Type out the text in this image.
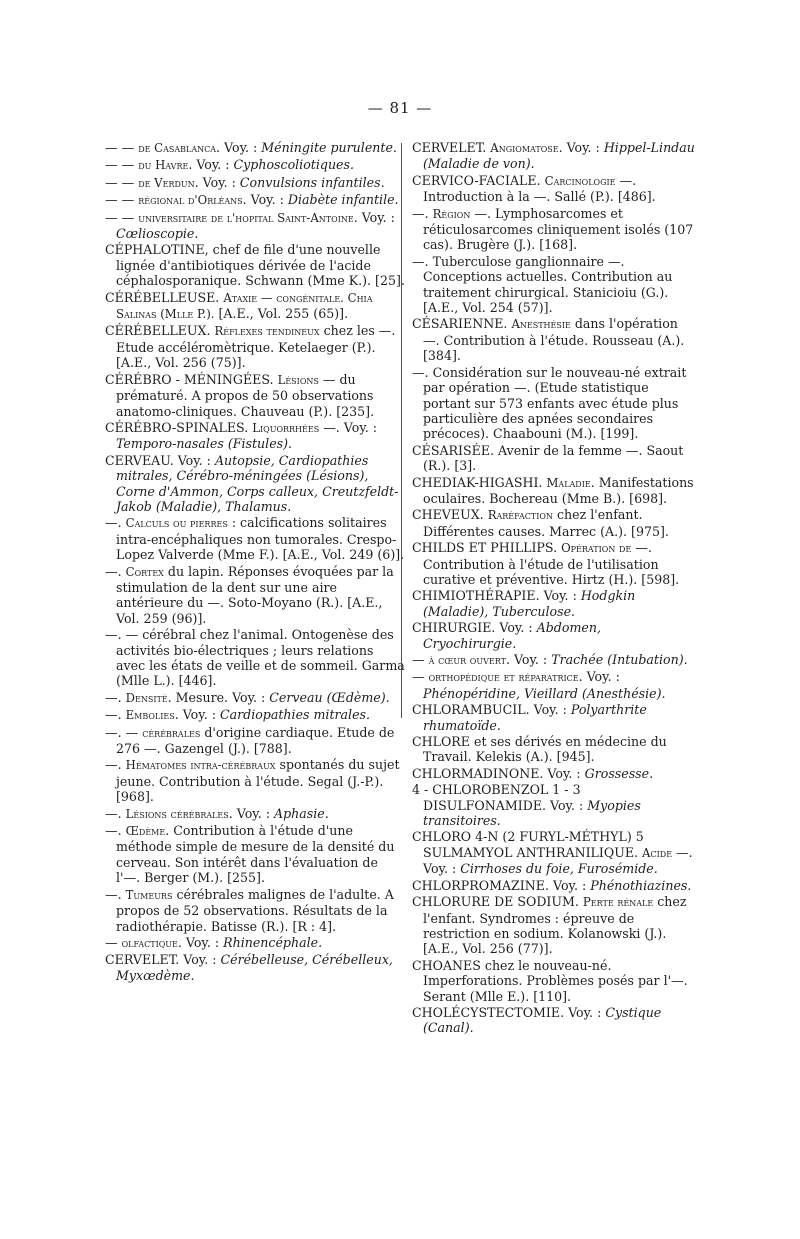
— 81 —
— — de Casablanca. Voy. : Méningite purulente.
— — du Havre. Voy. : Cyphoscoliotiques.
— — de Verdun. Voy. : Convulsions infantiles.
— — régional d'Orléans. Voy. : Diabète infantile.
— — universitaire de l'hopital Saint-Antoine. Voy. : Cœlioscopie.
CÉPHALOTINE, chef de file d'une nouvelle lignée d'antibiotiques dérivée de l'acide céphalosporanique. Schwann (Mme K.). [25].
CÉRÉBELLEUSE. Ataxie — congénitale. Chia Salinas (Mlle P.). [A.E., Vol. 255 (65)].
CÉRÉBELLEUX. Réflexes tendineux chez les —. Etude accéléromètrique. Ketelaeger (P.). [A.E., Vol. 256 (75)].
CÉRÉBRO - MÉNINGÉES. Lésions — du prématuré. A propos de 50 observations anatomo-cliniques. Chauveau (P.). [235].
CÉRÉBRO-SPINALES. Liquorrhées —. Voy. : Temporo-nasales (Fistules).
CERVEAU. Voy. : Autopsie, Cardiopathies mitrales, Cérébro-méningées (Lésions), Corne d'Ammon, Corps calleux, Creutzfeldt-Jakob (Maladie), Thalamus.
—. Calculs ou pierres : calcifications solitaires intra-encéphaliques non tumorales. Crespo-Lopez Valverde (Mme F.). [A.E., Vol. 249 (6)].
—. Cortex du lapin. Réponses évoquées par la stimulation de la dent sur une aire antérieure du —. Soto-Moyano (R.). [A.E., Vol. 259 (96)].
—. — cérébral chez l'animal. Ontogenèse des activités bio-électriques ; leurs relations avec les états de veille et de sommeil. Garma (Mlle L.). [446].
—. Densité. Mesure. Voy. : Cerveau (Œdème).
—. Embolies. Voy. : Cardiopathies mitrales.
—. — cérébrales d'origine cardiaque. Etude de 276 —. Gazengel (J.). [788].
—. Hématomes intra-cérébraux spontanés du sujet jeune. Contribution à l'étude. Segal (J.-P.). [968].
—. Lésions cérébrales. Voy. : Aphasie.
—. Œdème. Contribution à l'étude d'une méthode simple de mesure de la densité du cerveau. Son intérêt dans l'évaluation de l'—. Berger (M.). [255].
—. Tumeurs cérébrales malignes de l'adulte. A propos de 52 observations. Résultats de la radiothérapie. Batisse (R.). [R : 4].
— olfactique. Voy. : Rhinencéphale.
CERVELET. Voy. : Cérébelleuse, Cérébelleux, Myxœdème.
CERVELET. Angiomatose. Voy. : Hippel-Lindau (Maladie de von).
CERVICO-FACIALE. Carcinologie —. Introduction à la —. Sallé (P.). [486].
—. Région —. Lymphosarcomes et réticulosarcomes cliniquement isolés (107 cas). Brugère (J.). [168].
—. Tuberculose ganglionnaire —. Conceptions actuelles. Contribution au traitement chirurgical. Stanicioiu (G.). [A.E., Vol. 254 (57)].
CÉSARIENNE. Anesthésie dans l'opération —. Contribution à l'étude. Rousseau (A.). [384].
—. Considération sur le nouveau-né extrait par opération —. (Etude statistique portant sur 573 enfants avec étude plus particulière des apnées secondaires précoces). Chaabouni (M.). [199].
CÉSARISÉE. Avenir de la femme —. Saout (R.). [3].
CHEDIAK-HIGASHI. Maladie. Manifestations oculaires. Bochereau (Mme B.). [698].
CHEVEUX. Raréfaction chez l'enfant. Différentes causes. Marrec (A.). [975].
CHILDS ET PHILLIPS. Opération de —. Contribution à l'étude de l'utilisation curative et préventive. Hirtz (H.). [598].
CHIMIOTHÉRAPIE. Voy. : Hodgkin (Maladie), Tuberculose.
CHIRURGIE. Voy. : Abdomen, Cryochirurgie.
— à cœur ouvert. Voy. : Trachée (Intubation).
— orthopédique et réparatrice. Voy. : Phénopéridine, Vieillard (Anesthésie).
CHLORAMBUCIL. Voy. : Polyarthrite rhumatoïde.
CHLORE et ses dérivés en médecine du Travail. Kelekis (A.). [945].
CHLORMADINONE. Voy. : Grossesse.
4 - CHLOROBENZOL 1 - 3 DISULFONAMIDE. Voy. : Myopies transitoires.
CHLORO 4-N (2 FURYL-MÉTHYL) 5 SULMAMYOL ANTHRANILIQUE. Acide —. Voy. : Cirrhoses du foie, Furosémide.
CHLORPROMAZINE. Voy. : Phénothiazines.
CHLORURE DE SODIUM. Perte rénale chez l'enfant. Syndromes : épreuve de restriction en sodium. Kolanowski (J.). [A.E., Vol. 256 (77)].
CHOANES chez le nouveau-né. Imperforations. Problèmes posés par l'—. Serant (Mlle E.). [110].
CHOLÉCYSTECTOMIE. Voy. : Cystique (Canal).
